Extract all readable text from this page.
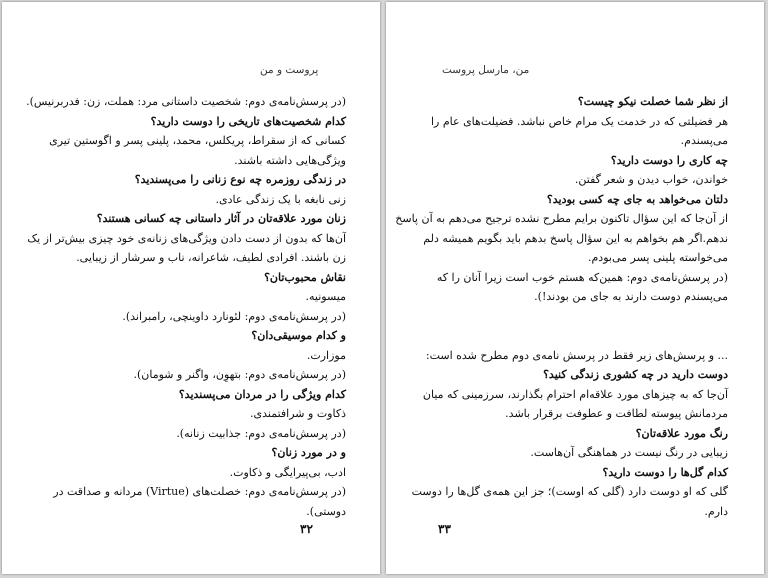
پروست و من
(در پرسش‌نامه‌ی دوم: شخصیت داستانی مرد: هملت، زن: فدربرنیس).
کدام شخصیت‌های تاریخی را دوست دارید؟
کسانی که از سقراط، پریکلس، محمد، پلینی پسر و اگوستین تیری
ویژگی‌هایی داشته باشند.
در زندگی روزمره چه نوع زنانی را می‌پسندید؟
زنی نابغه با یک زندگی عادی.
زنان مورد علاقه‌تان در آثار داستانی چه کسانی هستند؟
آن‌ها که بدون از دست دادن ویژگی‌های زنانه‌ی خود چیزی بیش‌تر از یک
زن باشند. افرادی لطیف، شاعرانه، ناب و سرشار از زیبایی.
نقاش محبوب‌تان؟
میسونیه.
(در پرسش‌نامه‌ی دوم: لئونارد داوینچی، رامبراند).
و کدام موسیقی‌دان؟
موزارت.
(در پرسش‌نامه‌ی دوم: بتهوِن، واگنر و شومان).
کدام ویژگی را در مردان می‌پسندید؟
ذکاوت و شرافتمندی.
(در پرسش‌نامه‌ی دوم: جذابیت زنانه).
و در مورد زنان؟
ادب، بی‌پیرایگی و ذکاوت.
(در پرسش‌نامه‌ی دوم: خصلت‌های (Virtue) مردانه و صداقت در
دوستی).
۳۲
من، مارسل پروست
از نظر شما خصلت نیکو چیست؟
هر فضیلتی که در خدمت یک مرام خاص نباشد. فضیلت‌های عام را
می‌پسندم.
چه کاری را دوست دارید؟
خواندن، خواب دیدن و شعر گفتن.
دلتان می‌خواهد به جای چه کسی بودید؟
از آن‌جا که این سؤال تاکنون برایم مطرح نشده ترجیح می‌دهم به آن پاسخ
ندهم.اگر هم بخواهم به این سؤال پاسخ بدهم باید بگویم همیشه دلم
می‌خواسته پلینی پسر می‌بودم.
(در پرسش‌نامه‌ی دوم: همین‌که هستم خوب است زیرا آنان را که
می‌پسندم دوست دارند به جای من بودند!).
... و پرسش‌های زیر فقط در پرسش نامه‌ی دوم مطرح شده است:
دوست دارید در چه کشوری زندگی کنید؟
آن‌جا که به چیزهای مورد علاقه‌ام احترام بگذارند، سرزمینی که میان
مردمانش پیوسته لطافت و عطوفت برقرار باشد.
رنگ مورد علاقه‌تان؟
زیبایی در رنگ نیست در هماهنگی آن‌هاست.
کدام گل‌ها را دوست دارید؟
گلی که او دوست دارد (گلی که اوست)؛ جز این همه‌ی گل‌ها را دوست
دارم.
۳۳
